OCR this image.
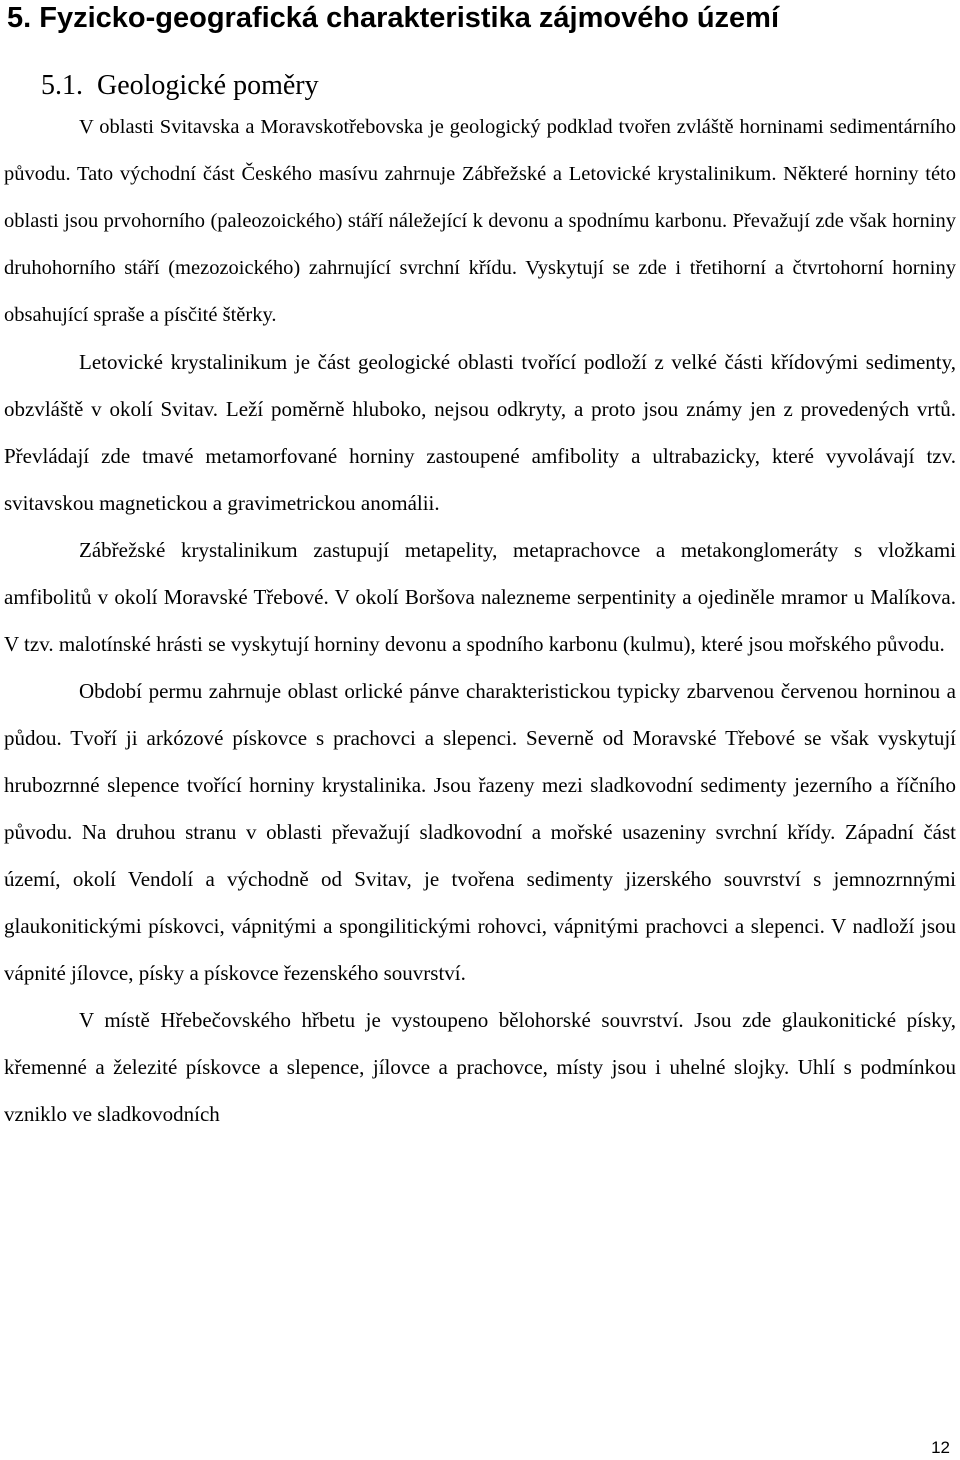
5. Fyzicko-geografická charakteristika zájmového území
5.1.  Geologické poměry

V oblasti Svitavska a Moravskotřebovska je geologický podklad tvořen zvláště horninami sedimentárního původu. Tato východní část Českého masívu zahrnuje Zábřežské a Letovické krystalinikum. Některé horniny této oblasti jsou prvohorního (paleozoického) stáří náležející k devonu a spodnímu karbonu. Převažují zde však horniny druhohorního stáří (mezozoického) zahrnující svrchní křídu. Vyskytují se zde i třetihorní a čtvrtohorní horniny obsahující spraše a písčité štěrky.

Letovické krystalinikum je část geologické oblasti tvořící podloží z velké části křídovými sedimenty, obzvláště v okolí Svitav. Leží poměrně hluboko, nejsou odkryty, a proto jsou známy jen z provedených vrtů. Převládají zde tmavé metamorfované horniny zastoupené amfibolity a ultrabazicky, které vyvolávají tzv. svitavskou magnetickou a gravimetrickou anomálii.

Zábřežské krystalinikum zastupují metapelity, metaprachovce a metakonglomeráty s vložkami amfibolitů v okolí Moravské Třebové. V okolí Boršova nalezneme serpentinity a ojediněle mramor u Malíkova. V tzv. malotínské hrásti se vyskytují horniny devonu a spodního karbonu (kulmu), které jsou mořského původu.

Období permu zahrnuje oblast orlické pánve charakteristickou typicky zbarvenou červenou horninou a půdou. Tvoří ji arkózové pískovce s prachovci a slepenci. Severně od Moravské Třebové se však vyskytují hrubozrnné slepence tvořící horniny krystalinika. Jsou řazeny mezi sladkovodní sedimenty jezerního a říčního původu. Na druhou stranu v oblasti převažují sladkovodní a mořské usazeniny svrchní křídy. Západní část území, okolí Vendolí a východně od Svitav, je tvořena sedimenty jizerského souvrství s jemnozrnnými glaukonitickými pískovci, vápnitými a spongilitickými rohovci, vápnitými prachovci a slepenci. V nadloží jsou vápnité jílovce, písky a pískovce řezenského souvrství.

V místě Hřebečovského hřbetu je vystoupeno bělohorské souvrství. Jsou zde glaukonitické písky, křemenné a železité pískovce a slepence, jílovce a prachovce, místy jsou i uhelné slojky. Uhlí s podmínkou vzniklo ve sladkovodních

12
